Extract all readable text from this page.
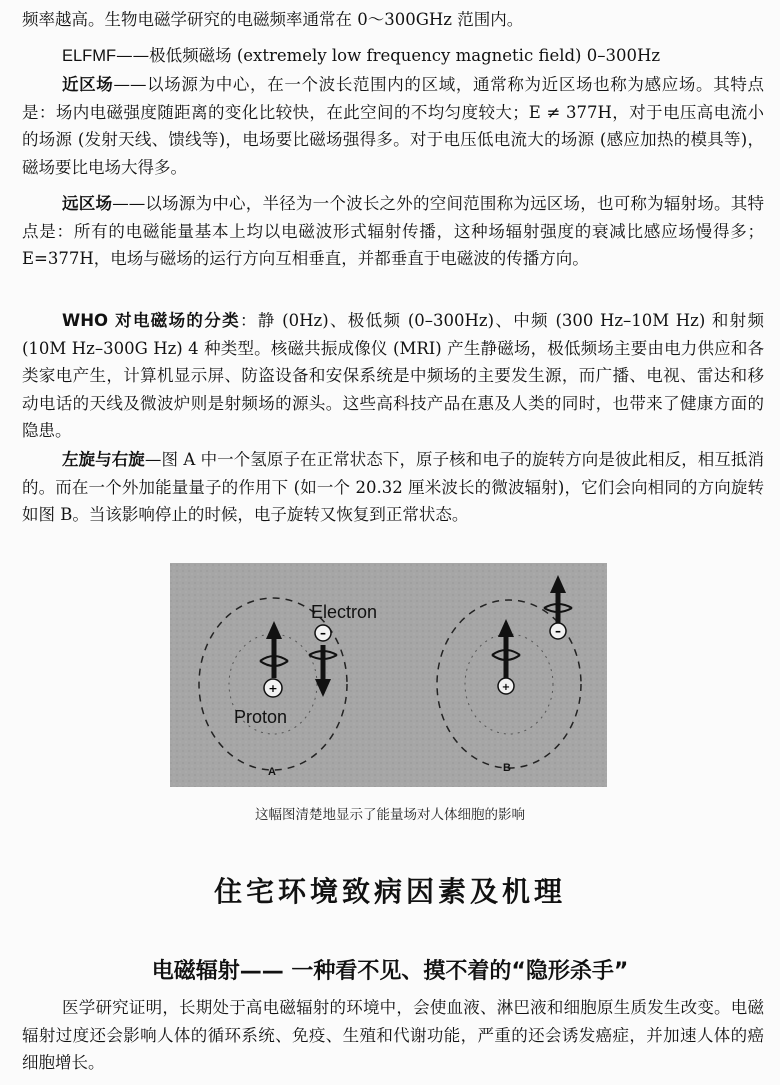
频率越高。生物电磁学研究的电磁频率通常在 0～300GHz 范围内。

ELFMF——极低频磁场 (extremely low frequency magnetic field) 0–300Hz

近区场——以场源为中心，在一个波长范围内的区域，通常称为近区场也称为感应场。其特点是：场内电磁强度随距离的变化比较快，在此空间的不均匀度较大；E ≠ 377H，对于电压高电流小的场源 (发射天线、馈线等)，电场要比磁场强得多。对于电压低电流大的场源 (感应加热的模具等)，磁场要比电场大得多。

远区场——以场源为中心，半径为一个波长之外的空间范围称为远区场，也可称为辐射场。其特点是：所有的电磁能量基本上均以电磁波形式辐射传播，这种场辐射强度的衰减比感应场慢得多；E=377H，电场与磁场的运行方向互相垂直，并都垂直于电磁波的传播方向。

WHO 对电磁场的分类：静 (0Hz)、极低频 (0–300Hz)、中频 (300 Hz–10M Hz) 和射频 (10M Hz–300G Hz) 4 种类型。核磁共振成像仪 (MRI) 产生静磁场，极低频场主要由电力供应和各类家电产生，计算机显示屏、防盗设备和安保系统是中频场的主要发生源，而广播、电视、雷达和移动电话的天线及微波炉则是射频场的源头。这些高科技产品在惠及人类的同时，也带来了健康方面的隐患。

左旋与右旋—图 A 中一个氢原子在正常状态下，原子核和电子的旋转方向是彼此相反，相互抵消的。而在一个外加能量量子的作用下 (如一个 20.32 厘米波长的微波辐射)，它们会向相同的方向旋转如图 B。当该影响停止的时候，电子旋转又恢复到正常状态。

+
–
Electron
Proton
A
+
–
B
这幅图清楚地显示了能量场对人体细胞的影响
住宅环境致病因素及机理
电磁辐射—— 一种看不见、摸不着的“隐形杀手”

医学研究证明，长期处于高电磁辐射的环境中，会使血液、淋巴液和细胞原生质发生改变。电磁辐射过度还会影响人体的循环系统、免疫、生殖和代谢功能，严重的还会诱发癌症，并加速人体的癌细胞增长。
